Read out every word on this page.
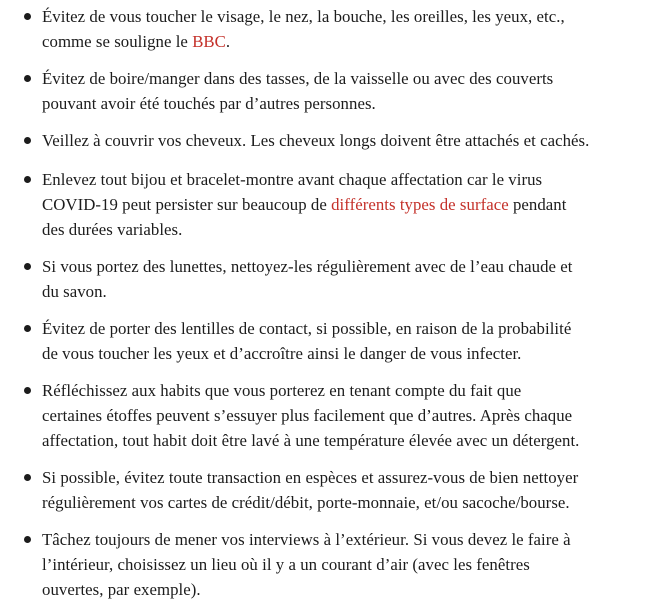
Évitez de vous toucher le visage, le nez, la bouche, les oreilles, les yeux, etc.,
comme se souligne le BBC.
Évitez de boire/manger dans des tasses, de la vaisselle ou avec des couverts
pouvant avoir été touchés par d’autres personnes.
Veillez à couvrir vos cheveux. Les cheveux longs doivent être attachés et cachés.
Enlevez tout bijou et bracelet-montre avant chaque affectation car le virus
COVID-19 peut persister sur beaucoup de différents types de surface pendant
des durées variables.
Si vous portez des lunettes, nettoyez-les régulièrement avec de l’eau chaude et
du savon.
Évitez de porter des lentilles de contact, si possible, en raison de la probabilité
de vous toucher les yeux et d’accroître ainsi le danger de vous infecter.
Réfléchissez aux habits que vous porterez en tenant compte du fait que
certaines étoffes peuvent s’essuyer plus facilement que d’autres. Après chaque
affectation, tout habit doit être lavé à une température élevée avec un détergent.
Si possible, évitez toute transaction en espèces et assurez-vous de bien nettoyer
régulièrement vos cartes de crédit/débit, porte-monnaie, et/ou sacoche/bourse.
Tâchez toujours de mener vos interviews à l’extérieur. Si vous devez le faire à
l’intérieur, choisissez un lieu où il y a un courant d’air (avec les fenêtres
ouvertes, par exemple).
